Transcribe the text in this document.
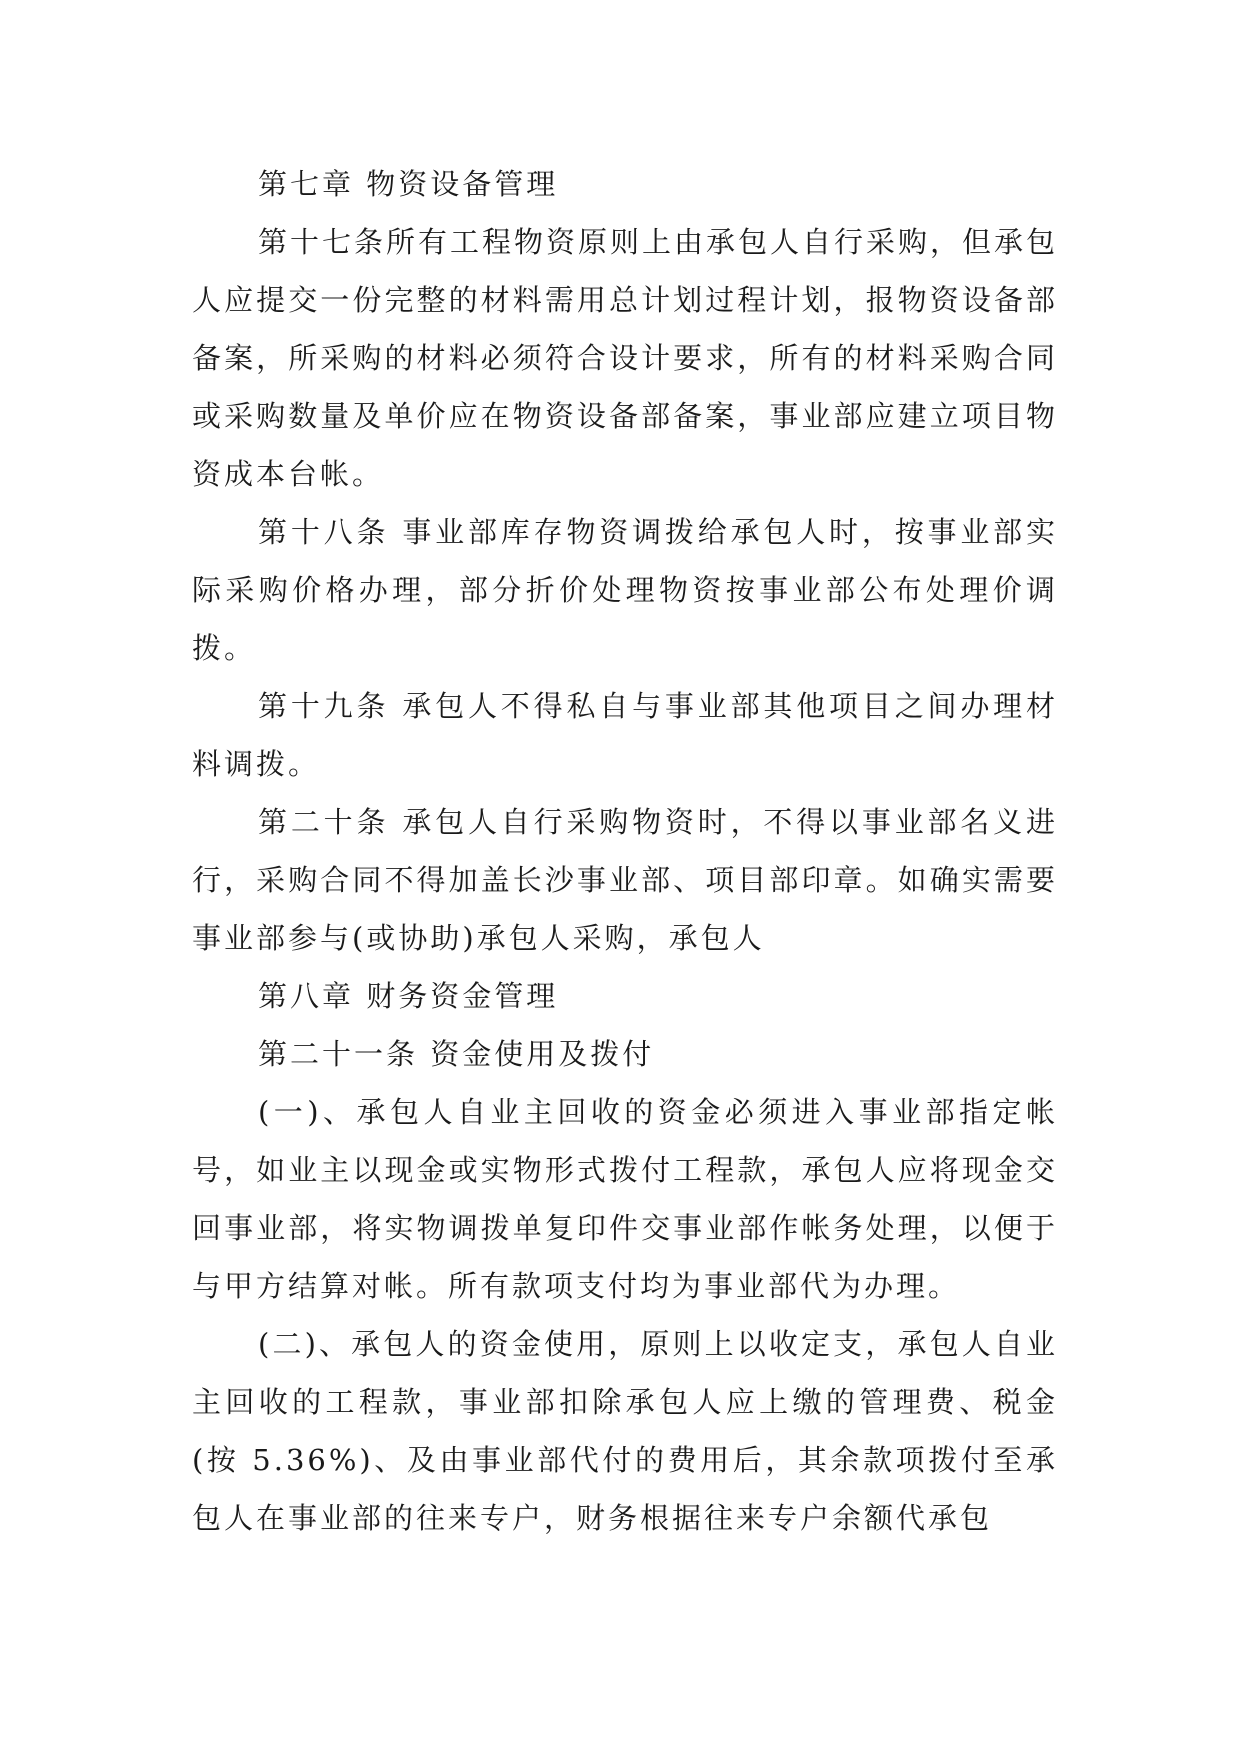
第七章 物资设备管理

第十七条所有工程物资原则上由承包人自行采购，但承包人应提交一份完整的材料需用总计划过程计划，报物资设备部备案，所采购的材料必须符合设计要求，所有的材料采购合同或采购数量及单价应在物资设备部备案，事业部应建立项目物资成本台帐。

第十八条 事业部库存物资调拨给承包人时，按事业部实际采购价格办理，部分折价处理物资按事业部公布处理价调拨。

第十九条 承包人不得私自与事业部其他项目之间办理材料调拨。

第二十条 承包人自行采购物资时，不得以事业部名义进行，采购合同不得加盖长沙事业部、项目部印章。如确实需要事业部参与(或协助)承包人采购，承包人

第八章 财务资金管理

第二十一条 资金使用及拨付

(一)、承包人自业主回收的资金必须进入事业部指定帐号，如业主以现金或实物形式拨付工程款，承包人应将现金交回事业部，将实物调拨单复印件交事业部作帐务处理，以便于与甲方结算对帐。所有款项支付均为事业部代为办理。

(二)、承包人的资金使用，原则上以收定支，承包人自业主回收的工程款，事业部扣除承包人应上缴的管理费、税金(按 5.36%)、及由事业部代付的费用后，其余款项拨付至承包人在事业部的往来专户，财务根据往来专户余额代承包
